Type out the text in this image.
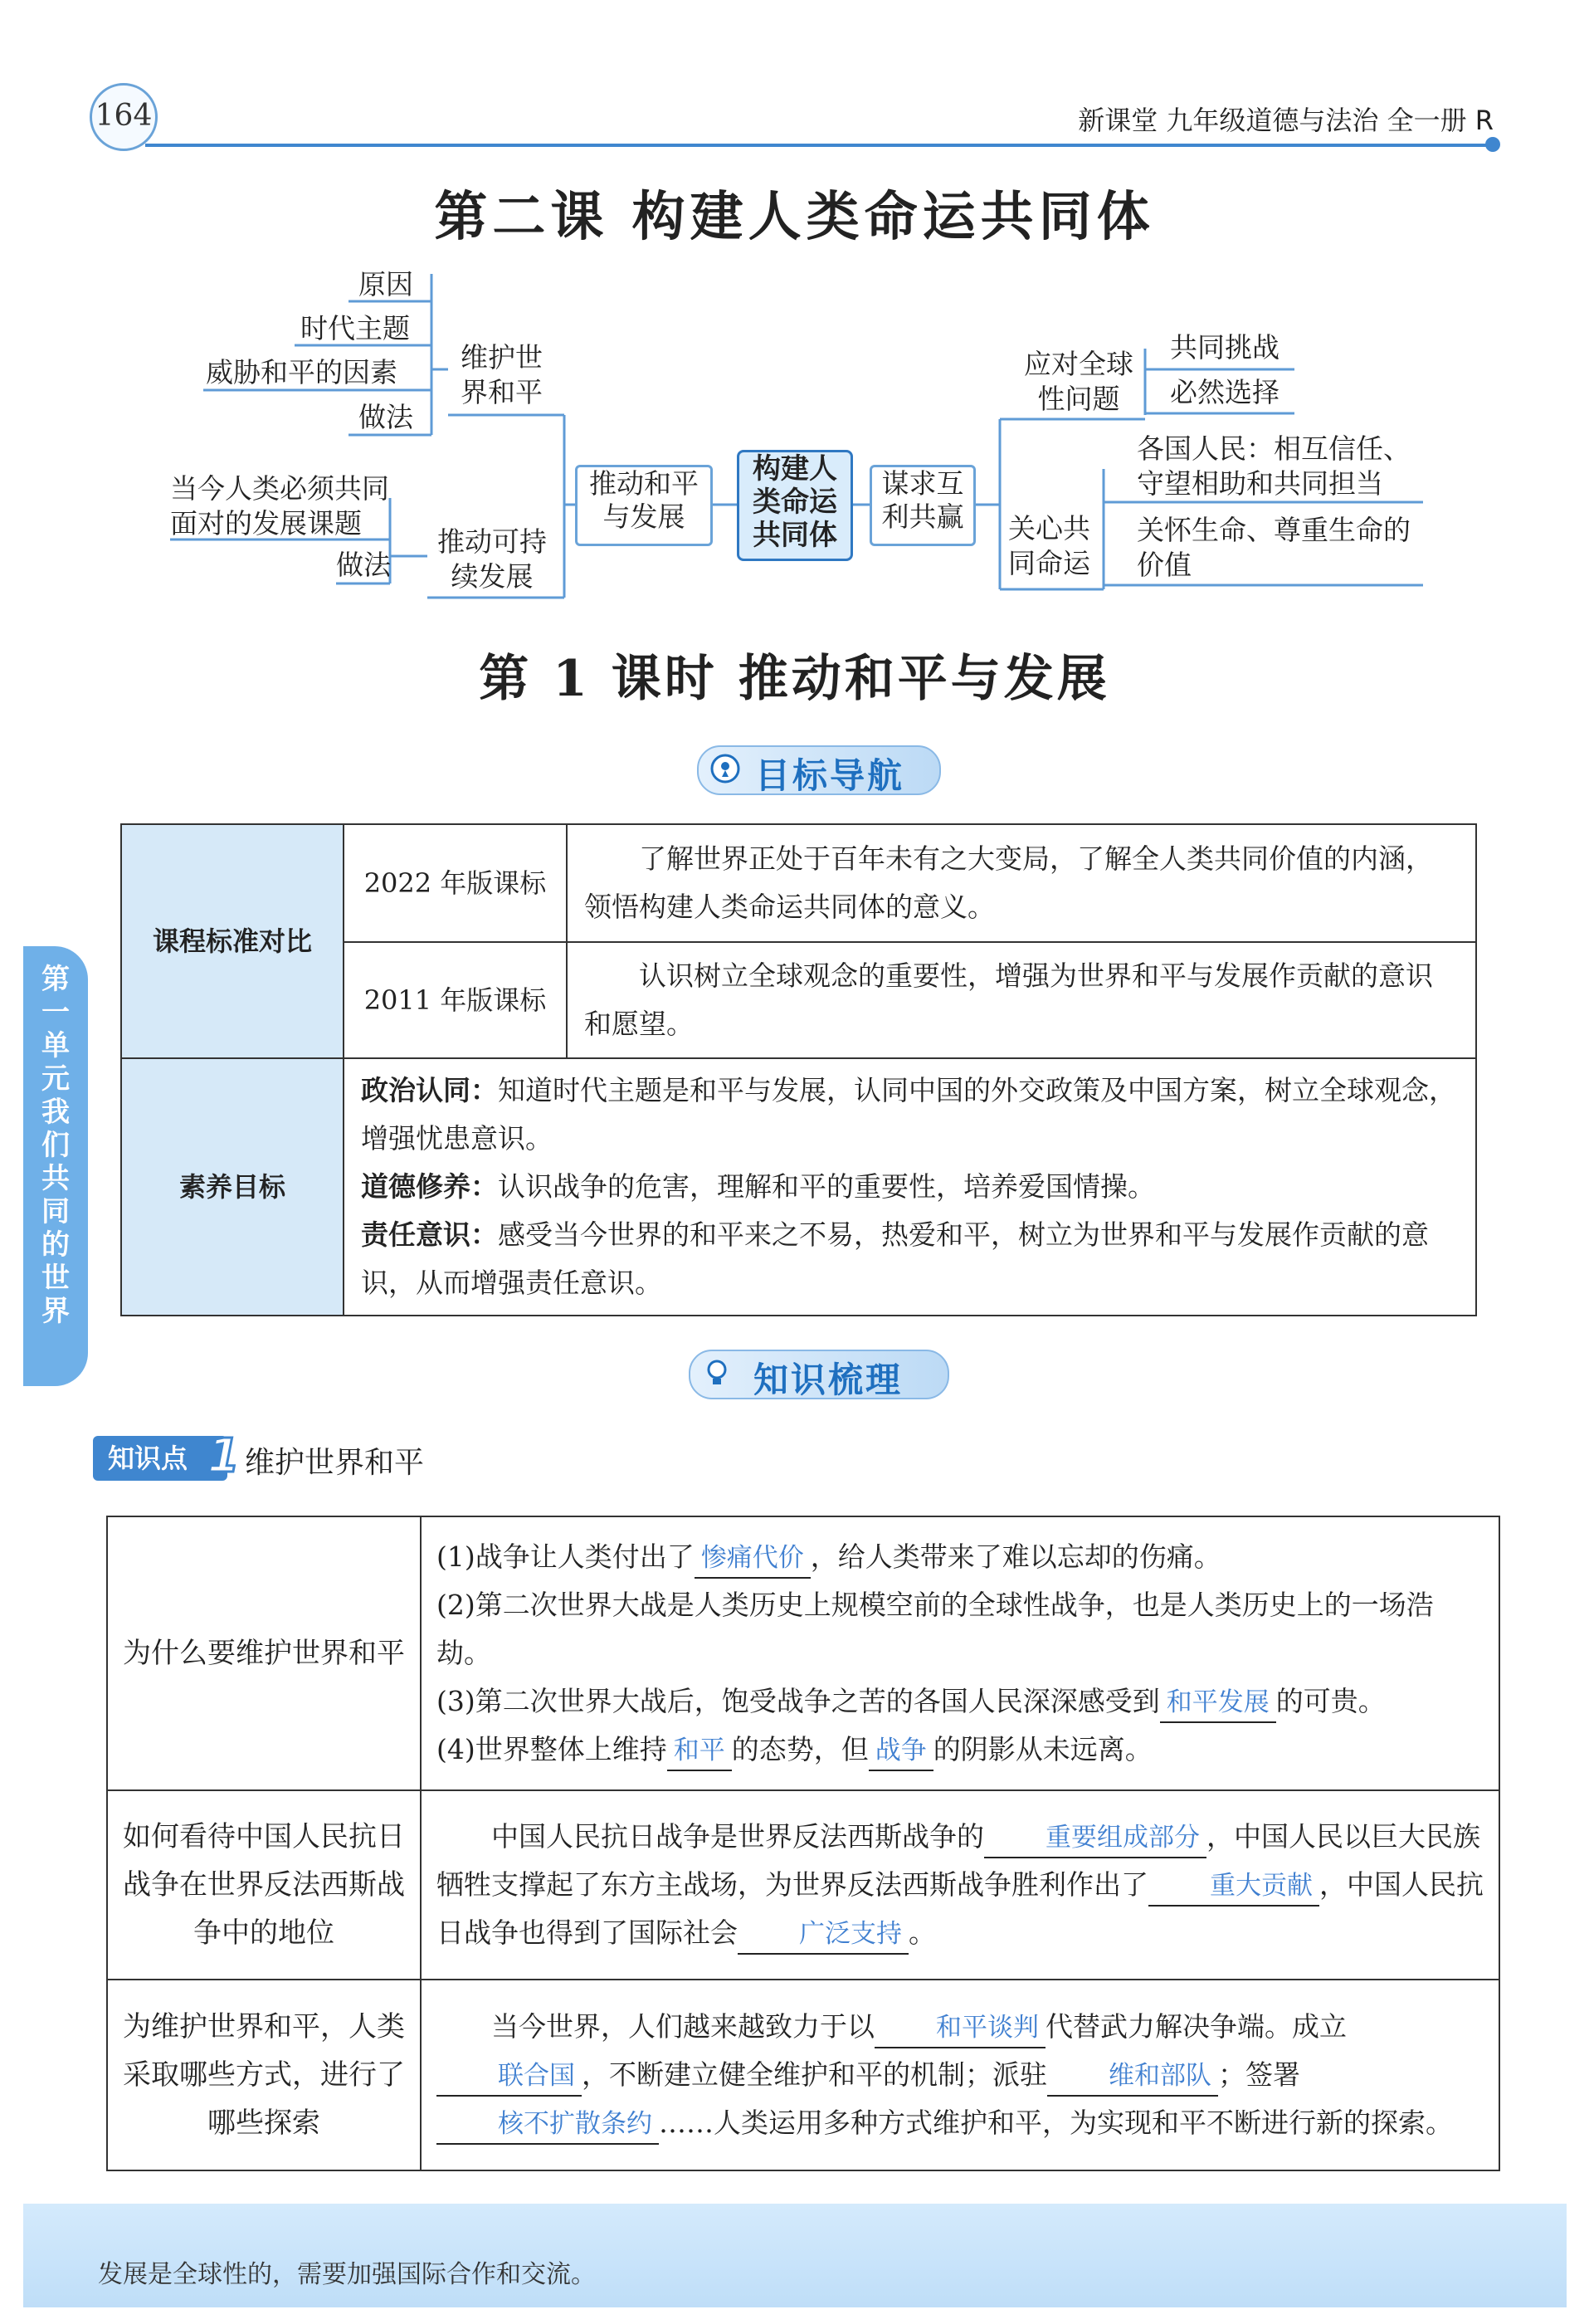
164	新课堂 九年级道德与法治 全一册 R
第二课 构建人类命运共同体
原因
时代主题
威胁和平的因素
做法
维护世界和平
当今人类必须共同面对的发展课题
做法
推动可持续发展
推动和平与发展
构建人类命运共同体
谋求互利共赢
应对全球性问题
共同挑战
必然选择
关心共同命运
各国人民：相互信任、守望相助和共同担当
关怀生命、尊重生命的价值
第 1 课时 推动和平与发展
目标导航
课程标准对比	2022 年版课标	了解世界正处于百年未有之大变局，了解全人类共同价值的内涵，领悟构建人类命运共同体的意义。
	2011 年版课标	认识树立全球观念的重要性，增强为世界和平与发展作贡献的意识和愿望。
素养目标	政治认同：知道时代主题是和平与发展，认同中国的外交政策及中国方案，树立全球观念，增强忧患意识。
道德修养：认识战争的危害，理解和平的重要性，培养爱国情操。
责任意识：感受当今世界的和平来之不易，热爱和平，树立为世界和平与发展作贡献的意识，从而增强责任意识。	
第
一
单
元
我
们
共
同
的
世
界
知识梳理
知识点 1 维护世界和平
为什么要维护世界和平	(1)战争让人类付出了 惨痛代价 ，给人类带来了难以忘却的伤痛。
(2)第二次世界大战是人类历史上规模空前的全球性战争，也是人类历史上的一场浩劫。
(3)第二次世界大战后，饱受战争之苦的各国人民深深感受到 和平发展 的可贵。
(4)世界整体上维持 和平 的态势，但 战争 的阴影从未远离。

如何看待中国人民抗日战争在世界反法西斯战争中的地位	中国人民抗日战争是世界反法西斯战争的 重要组成部分 ，中国人民以巨大民族牺牲支撑起了东方主战场，为世界反法西斯战争胜利作出了 重大贡献 ，中国人民抗日战争也得到了国际社会 广泛支持 。
为维护世界和平，人类采取哪些方式，进行了哪些探索	当今世界，人们越来越致力于以 和平谈判 代替武力解决争端。成立联合国 ，不断建立健全维护和平的机制；派驻 维和部队 ；签署核不扩散条约 ……人类运用多种方式维护和平，为实现和平不断进行新的探索。
发展是全球性的，需要加强国际合作和交流。
